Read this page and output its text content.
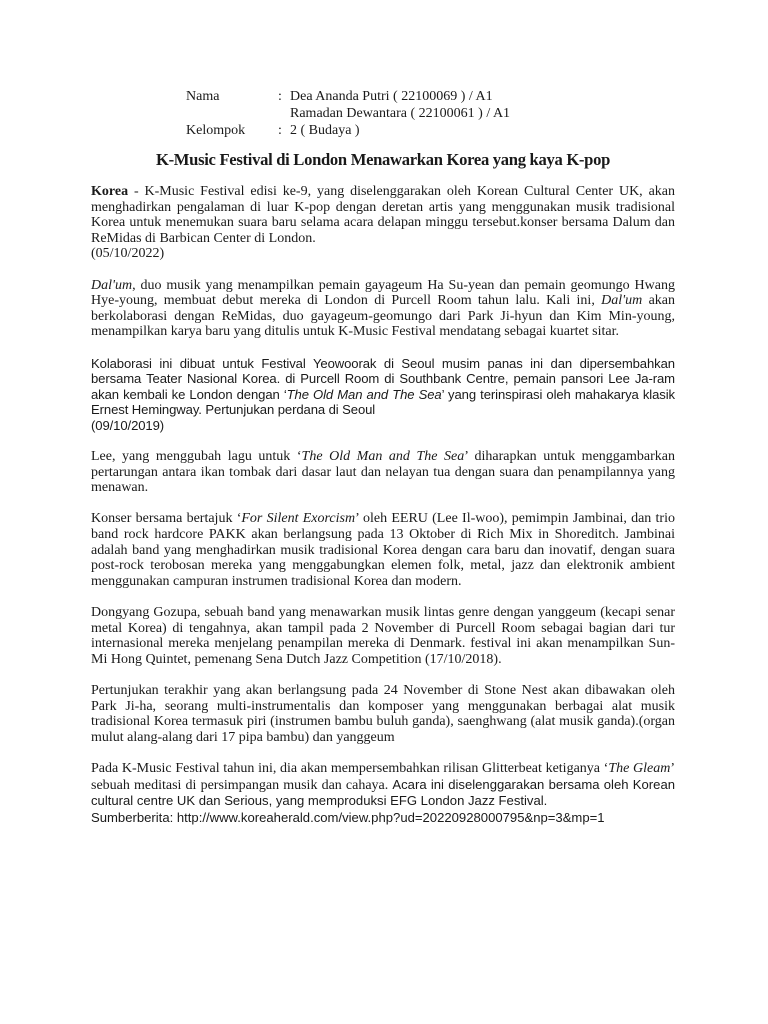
Nama	: Dea Ananda Putri ( 22100069 ) / A1
Ramadan Dewantara ( 22100061 ) / A1
Kelompok : 2 ( Budaya )
K-Music Festival di London Menawarkan Korea yang kaya K-pop

Korea - K-Music Festival edisi ke-9, yang diselenggarakan oleh Korean Cultural Center UK, akan menghadirkan pengalaman di luar K-pop dengan deretan artis yang menggunakan musik tradisional Korea untuk menemukan suara baru selama acara delapan minggu tersebut.konser bersama Dalum dan ReMidas di Barbican Center di London.
(05/10/2022)

Dal'um, duo musik yang menampilkan pemain gayageum Ha Su-yean dan pemain geomungo Hwang Hye-young, membuat debut mereka di London di Purcell Room tahun lalu. Kali ini, Dal'um akan berkolaborasi dengan ReMidas, duo gayageum-geomungo dari Park Ji-hyun dan Kim Min-young, menampilkan karya baru yang ditulis untuk K-Music Festival mendatang sebagai kuartet sitar.

Kolaborasi ini dibuat untuk Festival Yeowoorak di Seoul musim panas ini dan dipersembahkan bersama Teater Nasional Korea. di Purcell Room di Southbank Centre, pemain pansori Lee Ja-ram akan kembali ke London dengan ‘The Old Man and The Sea’ yang terinspirasi oleh mahakarya klasik Ernest Hemingway. Pertunjukan perdana di Seoul
(09/10/2019)

Lee, yang menggubah lagu untuk ‘The Old Man and The Sea’ diharapkan untuk menggambarkan pertarungan antara ikan tombak dari dasar laut dan nelayan tua dengan suara dan penampilannya yang menawan.

Konser bersama bertajuk ‘For Silent Exorcism’ oleh EERU (Lee Il-woo), pemimpin Jambinai, dan trio band rock hardcore PAKK akan berlangsung pada 13 Oktober di Rich Mix in Shoreditch. Jambinai adalah band yang menghadirkan musik tradisional Korea dengan cara baru dan inovatif, dengan suara post-rock terobosan mereka yang menggabungkan elemen folk, metal, jazz dan elektronik ambient menggunakan campuran instrumen tradisional Korea dan modern.

Dongyang Gozupa, sebuah band yang menawarkan musik lintas genre dengan yanggeum (kecapi senar metal Korea) di tengahnya, akan tampil pada 2 November di Purcell Room sebagai bagian dari tur internasional mereka menjelang penampilan mereka di Denmark. festival ini akan menampilkan Sun-Mi Hong Quintet, pemenang Sena Dutch Jazz Competition (17/10/2018).

Pertunjukan terakhir yang akan berlangsung pada 24 November di Stone Nest akan dibawakan oleh Park Ji-ha, seorang multi-instrumentalis dan komposer yang menggunakan berbagai alat musik tradisional Korea termasuk piri (instrumen bambu buluh ganda), saenghwang (alat musik ganda).(organ mulut alang-alang dari 17 pipa bambu) dan yanggeum

Pada K-Music Festival tahun ini, dia akan mempersembahkan rilisan Glitterbeat ketiganya ‘The Gleam’ sebuah meditasi di persimpangan musik dan cahaya. Acara ini diselenggarakan bersama oleh Korean cultural centre UK dan Serious, yang memproduksi EFG London Jazz Festival.

Sumberberita: http://www.koreaherald.com/view.php?ud=20220928000795&np=3&mp=1
